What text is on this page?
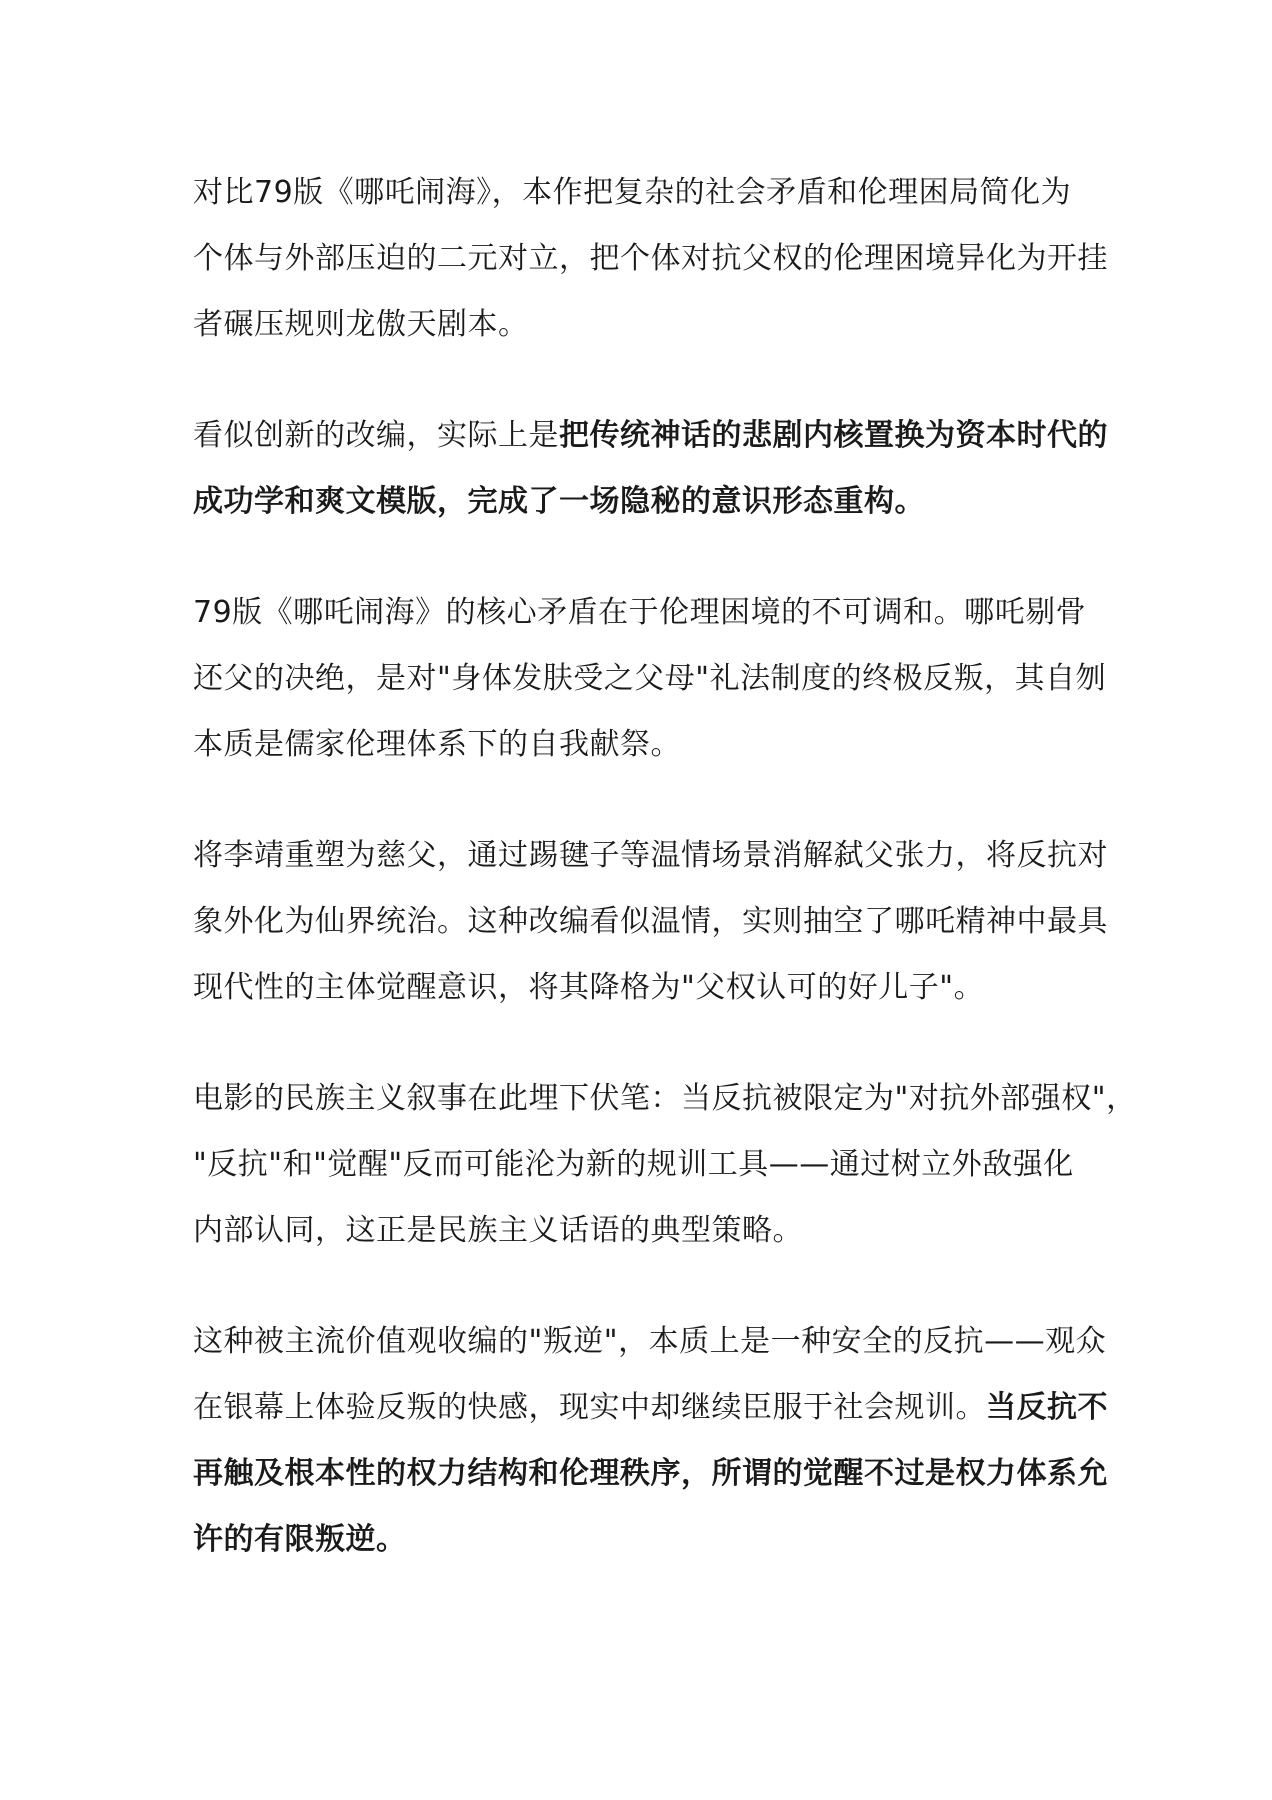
对比79版《哪吒闹海》，本作把复杂的社会矛盾和伦理困局简化为
个体与外部压迫的二元对立，把个体对抗父权的伦理困境异化为开挂
者碾压规则龙傲天剧本。

看似创新的改编，实际上是把传统神话的悲剧内核置换为资本时代的
成功学和爽文模版，完成了一场隐秘的意识形态重构。

79版《哪吒闹海》的核心矛盾在于伦理困境的不可调和。哪吒剔骨
还父的决绝，是对"身体发肤受之父母"礼法制度的终极反叛，其自刎
本质是儒家伦理体系下的自我献祭。

将李靖重塑为慈父，通过踢毽子等温情场景消解弑父张力，将反抗对
象外化为仙界统治。这种改编看似温情，实则抽空了哪吒精神中最具
现代性的主体觉醒意识，将其降格为"父权认可的好儿子"。

电影的民族主义叙事在此埋下伏笔：当反抗被限定为"对抗外部强权"，
"反抗"和"觉醒"反而可能沦为新的规训工具——通过树立外敌强化
内部认同，这正是民族主义话语的典型策略。

这种被主流价值观收编的"叛逆"，本质上是一种安全的反抗——观众
在银幕上体验反叛的快感，现实中却继续臣服于社会规训。当反抗不
再触及根本性的权力结构和伦理秩序，所谓的觉醒不过是权力体系允
许的有限叛逆。
